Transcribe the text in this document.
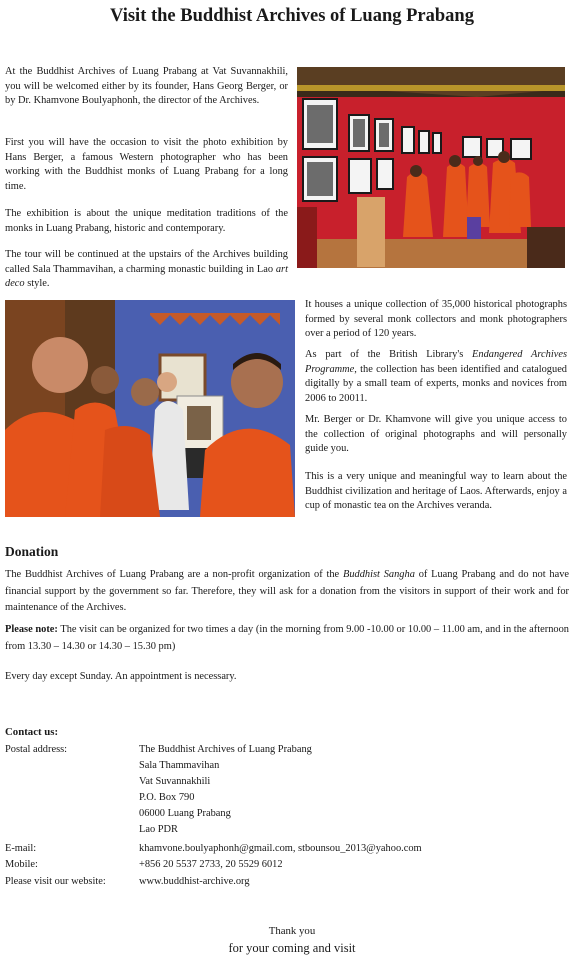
Visit the Buddhist Archives of Luang Prabang
At the Buddhist Archives of Luang Prabang at Vat Suvannakhili, you will be welcomed either by its founder, Hans Georg Berger, or by Dr. Khamvone Boulyaphonh, the director of the Archives.
First you will have the occasion to visit the photo exhibition by Hans Berger, a famous Western photographer who has been working with the Buddhist monks of Luang Prabang for a long time.
The exhibition is about the unique meditation traditions of the monks in Luang Prabang, historic and contemporary.
The tour will be continued at the upstairs of the Archives building called Sala Thammavihan, a charming monastic building in Lao art deco style.
It houses a unique collection of 35,000 historical photographs formed by several monk collectors and monk photographers over a period of 120 years.
As part of the British Library's Endangered Archives Programme, the collection has been identified and catalogued digitally by a small team of experts, monks and novices from 2006 to 20011.
Mr. Berger or Dr. Khamvone will give you unique access to the collection of original photographs and will personally guide you.
This is a very unique and meaningful way to learn about the Buddhist civilization and heritage of Laos. Afterwards, enjoy a cup of monastic tea on the Archives veranda.
Donation
The Buddhist Archives of Luang Prabang are a non-profit organization of the Buddhist Sangha of Luang Prabang and do not have financial support by the government so far. Therefore, they will ask for a donation from the visitors in support of their work and for maintenance of the Archives.
Please note: The visit can be organized for two times a day (in the morning from 9.00 -10.00 or 10.00 – 11.00 am, and in the afternoon from 13.30 – 14.30 or 14.30 – 15.30 pm)
Every day except Sunday. An appointment is necessary.
Contact us:
Postal address:	The Buddhist Archives of Luang Prabang
Sala Thammavihan
Vat Suvannakhili
P.O. Box 790
06000 Luang Prabang
Lao PDR
E-mail:	khamvone.boulyaphonh@gmail.com, stbounsou_2013@yahoo.com
Mobile:	+856 20 5537 2733, 20 5529 6012
Please visit our website:	www.buddhist-archive.org
Thank you
for your coming and visit
